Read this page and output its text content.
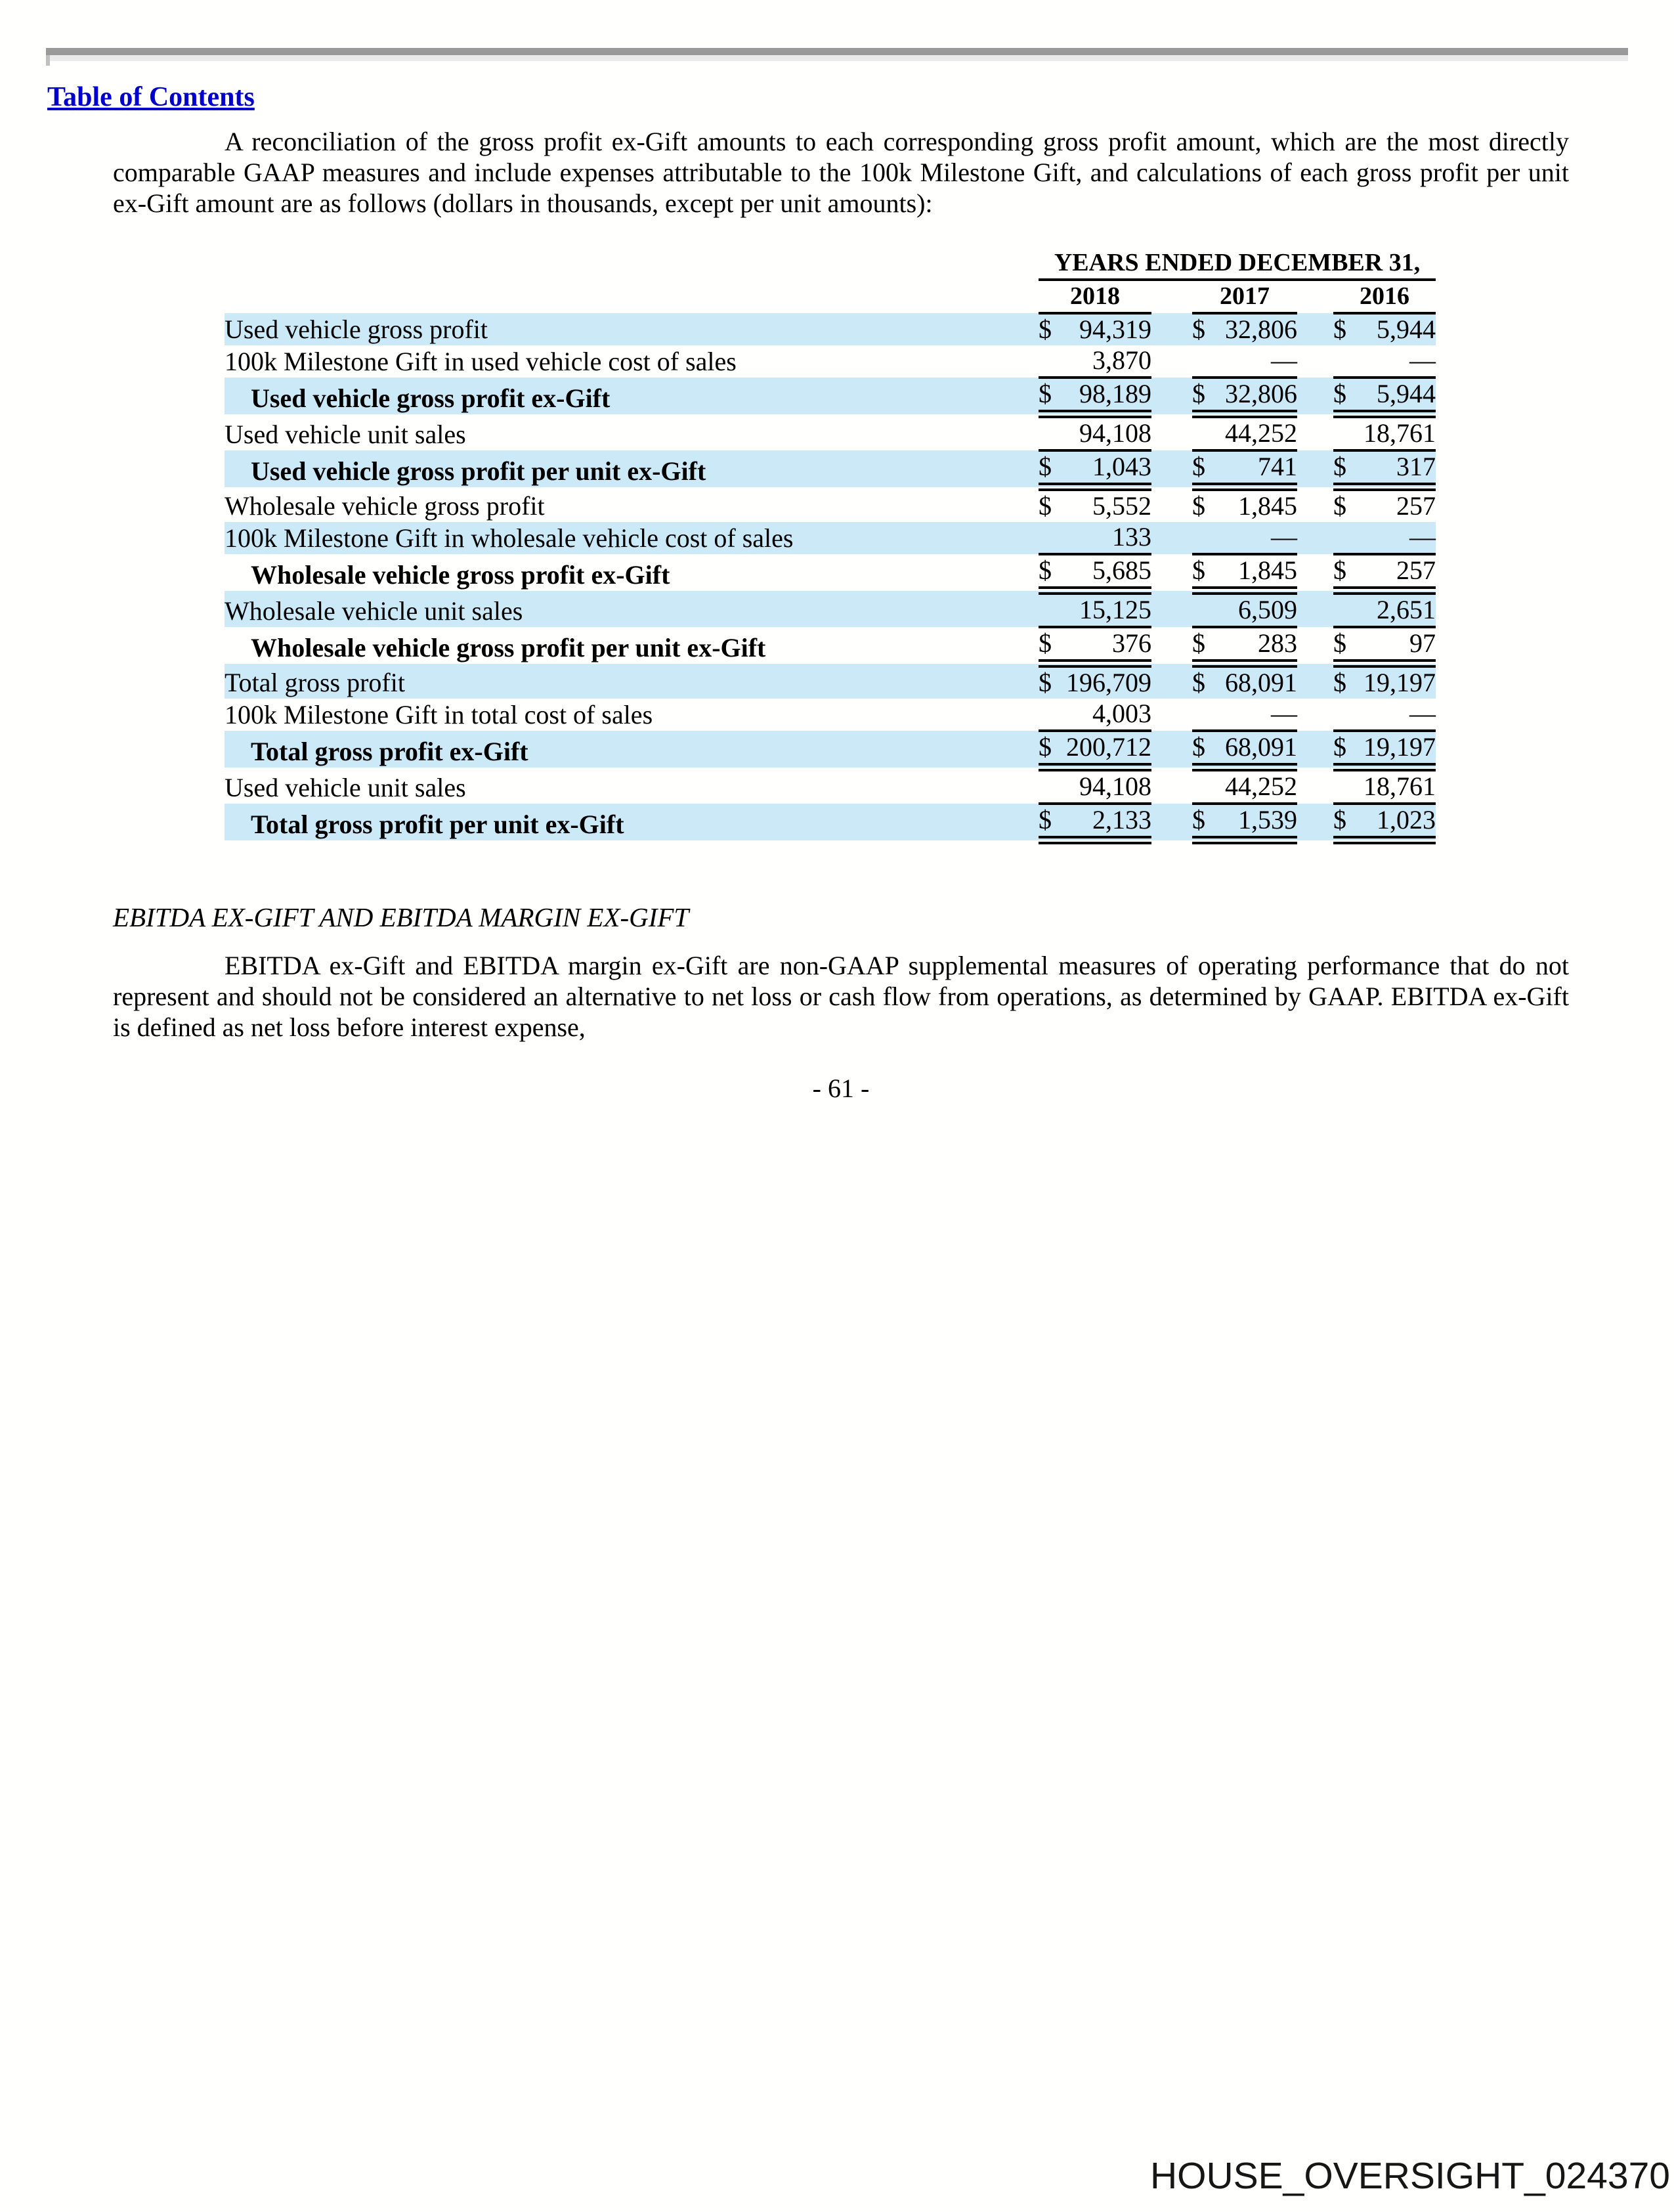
Table of Contents

A reconciliation of the gross profit ex-Gift amounts to each corresponding gross profit amount, which are the most directly comparable GAAP measures and include expenses attributable to the 100k Milestone Gift, and calculations of each gross profit per unit ex-Gift amount are as follows (dollars in thousands, except per unit amounts):

	YEARS ENDED DECEMBER 31,							
	2018			2017			2016	
Used vehicle gross profit	$	94,319		$	32,806		$	5,944
100k Milestone Gift in used vehicle cost of sales		3,870			—			—
Used vehicle gross profit ex-Gift	$	98,189		$	32,806		$	5,944
Used vehicle unit sales		94,108			44,252			18,761
Used vehicle gross profit per unit ex-Gift	$	1,043		$	741		$	317
Wholesale vehicle gross profit	$	5,552		$	1,845		$	257
100k Milestone Gift in wholesale vehicle cost of sales		133			—			—
Wholesale vehicle gross profit ex-Gift	$	5,685		$	1,845		$	257
Wholesale vehicle unit sales		15,125			6,509			2,651
Wholesale vehicle gross profit per unit ex-Gift	$	376		$	283		$	97
Total gross profit	$	196,709		$	68,091		$	19,197
100k Milestone Gift in total cost of sales		4,003			—			—
Total gross profit ex-Gift	$	200,712		$	68,091		$	19,197
Used vehicle unit sales		94,108			44,252			18,761
Total gross profit per unit ex-Gift	$	2,133		$	1,539		$	1,023
EBITDA EX-GIFT AND EBITDA MARGIN EX-GIFT

EBITDA ex-Gift and EBITDA margin ex-Gift are non-GAAP supplemental measures of operating performance that do not represent and should not be considered an alternative to net loss or cash flow from operations, as determined by GAAP. EBITDA ex-Gift is defined as net loss before interest expense,

- 61 -
HOUSE_OVERSIGHT_024370
